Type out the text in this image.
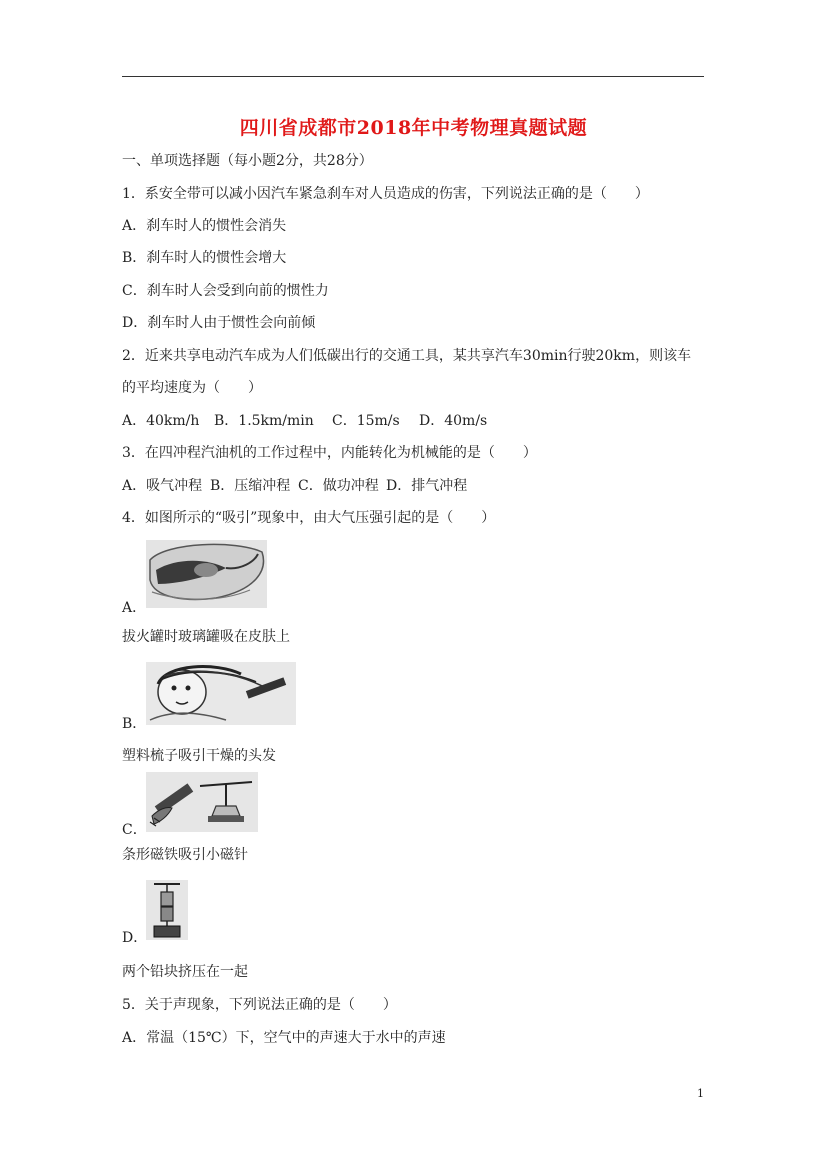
四川省成都市2018年中考物理真题试题
一、单项选择题（每小题2分，共28分）
1．系安全带可以减小因汽车紧急刹车对人员造成的伤害，下列说法正确的是（　　）
A．刹车时人的惯性会消失
B．刹车时人的惯性会增大
C．刹车时人会受到向前的惯性力
D．刹车时人由于惯性会向前倾
2．近来共享电动汽车成为人们低碳出行的交通工具，某共享汽车30min行驶20km，则该车
的平均速度为（　　）
A．40km/h B．1.5km/min C．15m/s D．40m/s
3．在四冲程汽油机的工作过程中，内能转化为机械能的是（　　）
A．吸气冲程 B．压缩冲程 C．做功冲程 D．排气冲程
4．如图所示的“吸引”现象中，由大气压强引起的是（　　）
A．
拔火罐时玻璃罐吸在皮肤上
B．
塑料梳子吸引干燥的头发
C．
条形磁铁吸引小磁针
D．
两个铅块挤压在一起
5．关于声现象，下列说法正确的是（　　）
A．常温（15℃）下，空气中的声速大于水中的声速
1
